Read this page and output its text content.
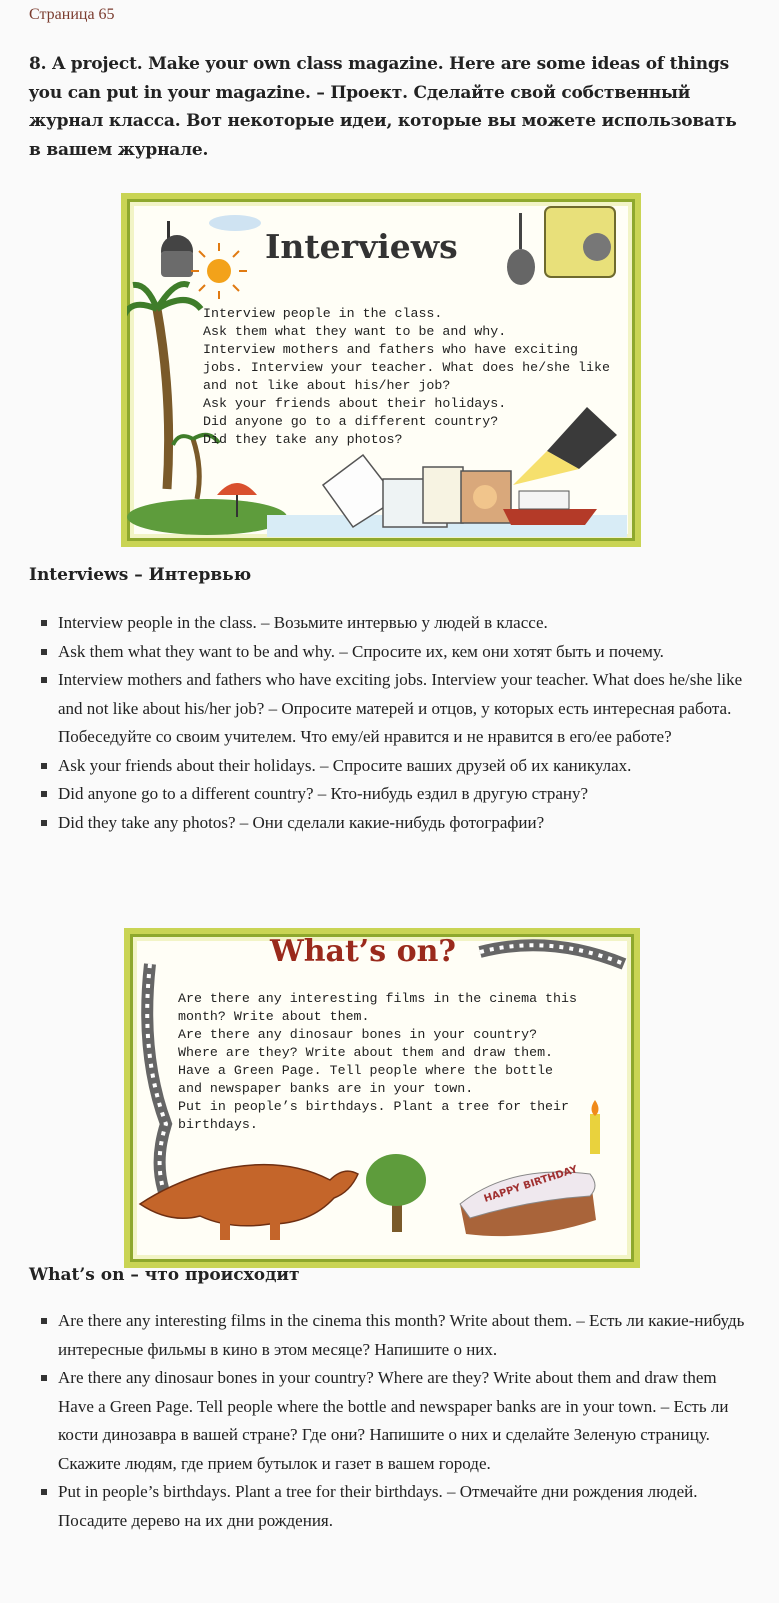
Страница 65
8. A project. Make your own class magazine. Here are some ideas of things you can put in your magazine. – Проект. Сделайте свой собственный журнал класса. Вот некоторые идеи, которые вы можете использовать в вашем журнале.
Interviews
Interview people in the class.
Ask them what they want to be and why.
Interview mothers and fathers who have exciting
jobs. Interview your teacher. What does he/she like
and not like about his/her job?
Ask your friends about their holidays.
Did anyone go to a different country?
Did they take any photos?
Interviews – Интервью
Interview people in the class. – Возьмите интервью у людей в классе.
Ask them what they want to be and why. – Спросите их, кем они хотят быть и почему.
Interview mothers and fathers who have exciting jobs. Interview your teacher. What does he/she like and not like about his/her job? – Опросите матерей и отцов, у которых есть интересная работа. Побеседуйте со своим учителем. Что ему/ей нравится и не нравится в его/ее работе?
Ask your friends about their holidays. – Спросите ваших друзей об их каникулах.
Did anyone go to a different country? – Кто-нибудь ездил в другую страну?
Did they take any photos? – Они сделали какие-нибудь фотографии?
What’s on?
Are there any interesting films in the cinema this
month? Write about them.
Are there any dinosaur bones in your country?
Where are they? Write about them and draw them.
Have a Green Page. Tell people where the bottle
and newspaper banks are in your town.
Put in people’s birthdays. Plant a tree for their
birthdays.
HAPPY BIRTHDAY
What’s on – что происходит
Are there any interesting films in the cinema this month? Write about them. – Есть ли какие-нибудь интересные фильмы в кино в этом месяце? Напишите о них.
Are there any dinosaur bones in your country? Where are they? Write about them and draw them Have a Green Page. Tell people where the bottle and newspaper banks are in your town. – Есть ли кости динозавра в вашей стране? Где они? Напишите о них и сделайте Зеленую страницу. Скажите людям, где прием бутылок и газет в вашем городе.
Put in people’s birthdays. Plant a tree for their birthdays. – Отмечайте дни рождения людей. Посадите дерево на их дни рождения.
